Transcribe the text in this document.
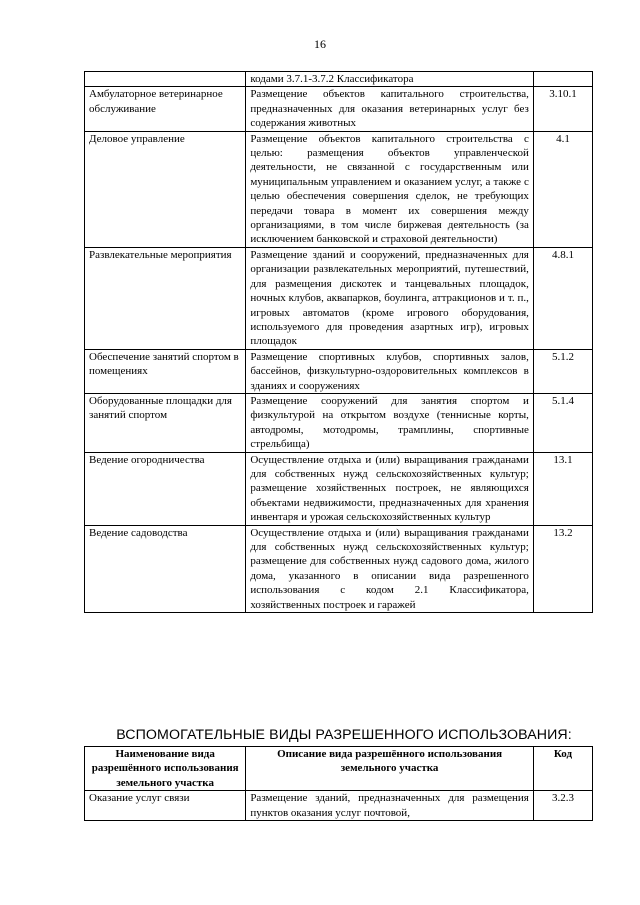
16
	кодами 3.7.1-3.7.2 Классификатора	
Амбулаторное ветеринарное обслуживание	Размещение объектов капитального строительства, предназначенных для оказания ветеринарных услуг без содержания животных	3.10.1
Деловое управление	Размещение объектов капитального строительства с целью: размещения объектов управленческой деятельности, не связанной с государственным или муниципальным управлением и оказанием услуг, а также с целью обеспечения совершения сделок, не требующих передачи товара в момент их совершения между организациями, в том числе биржевая деятельность (за исключением банковской и страховой деятельности)	4.1
Развлекательные мероприятия	Размещение зданий и сооружений, предназначенных для организации развлекательных мероприятий, путешествий, для размещения дискотек и танцевальных площадок, ночных клубов, аквапарков, боулинга, аттракционов и т. п., игровых автоматов (кроме игрового оборудования, используемого для проведения азартных игр), игровых площадок	4.8.1
Обеспечение занятий спортом в помещениях	Размещение спортивных клубов, спортивных залов, бассейнов, физкультурно-оздоровительных комплексов в зданиях и сооружениях	5.1.2
Оборудованные площадки для занятий спортом	Размещение сооружений для занятия спортом и физкультурой на открытом воздухе (теннисные корты, автодромы, мотодромы, трамплины, спортивные стрельбища)	5.1.4
Ведение огородничества	Осуществление отдыха и (или) выращивания гражданами для собственных нужд сельскохозяйственных культур; размещение хозяйственных построек, не являющихся объектами недвижимости, предназначенных для хранения инвентаря и урожая сельскохозяйственных культур	13.1
Ведение садоводства	Осуществление отдыха и (или) выращивания гражданами для собственных нужд сельскохозяйственных культур; размещение для собственных нужд садового дома, жилого дома, указанного в описании вида разрешенного использования с кодом 2.1 Классификатора, хозяйственных построек и гаражей	13.2
ВСПОМОГАТЕЛЬНЫЕ ВИДЫ РАЗРЕШЕННОГО ИСПОЛЬЗОВАНИЯ:
Наименование вида разрешённого использования земельного участка	Описание вида разрешённого использования земельного участка	Код
Оказание услуг связи	Размещение зданий, предназначенных для размещения пунктов оказания услуг почтовой,	3.2.3
